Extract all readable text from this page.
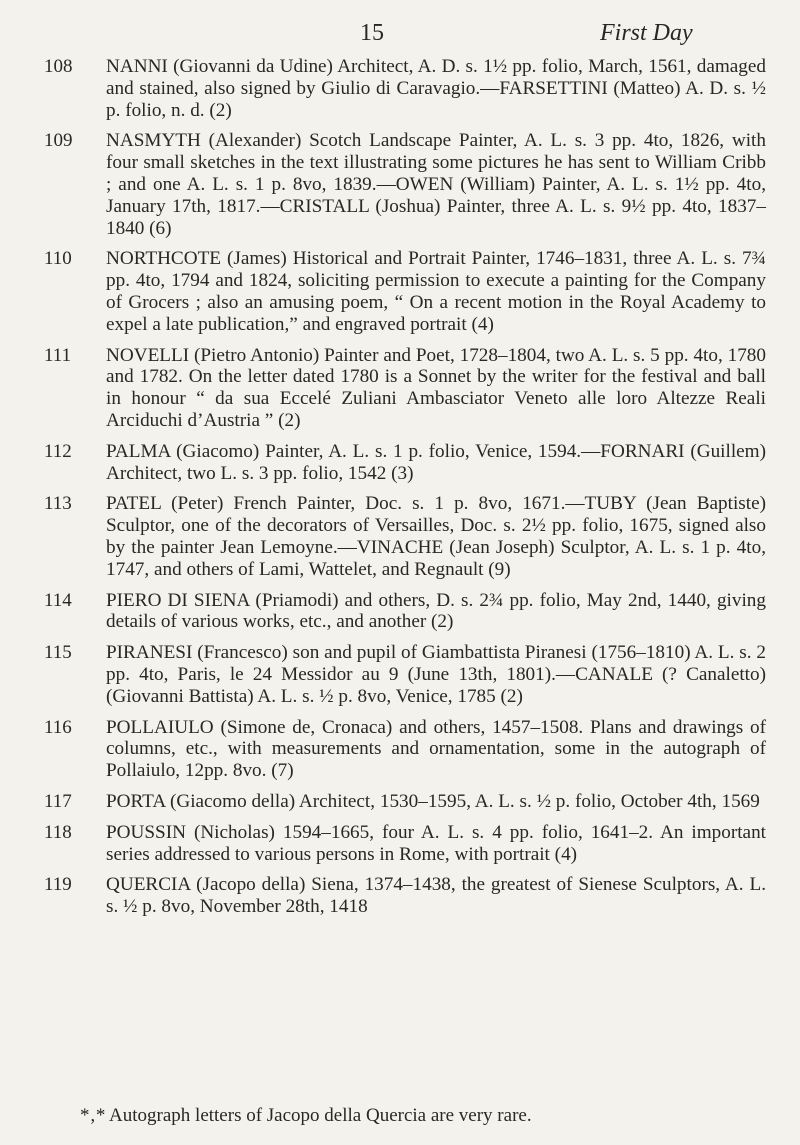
15	First Day
108	NANNI (Giovanni da Udine) Architect, A. D. s. 1½ pp. folio, March, 1561, damaged and stained, also signed by Giulio di Caravagio.—FARSETTINI (Matteo) A. D. s. ½ p. folio, n. d. (2)
109	NASMYTH (Alexander) Scotch Landscape Painter, A. L. s. 3 pp. 4to, 1826, with four small sketches in the text illustrating some pictures he has sent to William Cribb ; and one A. L. s. 1 p. 8vo, 1839.—OWEN (William) Painter, A. L. s. 1½ pp. 4to, January 17th, 1817.—CRISTALL (Joshua) Painter, three A. L. s. 9½ pp. 4to, 1837–1840 (6)
110	NORTHCOTE (James) Historical and Portrait Painter, 1746–1831, three A. L. s. 7¾ pp. 4to, 1794 and 1824, soliciting permission to execute a painting for the Company of Grocers ; also an amusing poem, “ On a recent motion in the Royal Academy to expel a late publication,” and engraved portrait (4)
111	NOVELLI (Pietro Antonio) Painter and Poet, 1728–1804, two A. L. s. 5 pp. 4to, 1780 and 1782. On the letter dated 1780 is a Sonnet by the writer for the festival and ball in honour “ da sua Eccelé Zuliani Ambasciator Veneto alle loro Altezze Reali Arciduchi d’Austria ” (2)
112	PALMA (Giacomo) Painter, A. L. s. 1 p. folio, Venice, 1594.—FORNARI (Guillem) Architect, two L. s. 3 pp. folio, 1542 (3)
113	PATEL (Peter) French Painter, Doc. s. 1 p. 8vo, 1671.—TUBY (Jean Baptiste) Sculptor, one of the decorators of Versailles, Doc. s. 2½ pp. folio, 1675, signed also by the painter Jean Lemoyne.—VINACHE (Jean Joseph) Sculptor, A. L. s. 1 p. 4to, 1747, and others of Lami, Wattelet, and Regnault (9)
114	PIERO DI SIENA (Priamodi) and others, D. s. 2¾ pp. folio, May 2nd, 1440, giving details of various works, etc., and another (2)
115	PIRANESI (Francesco) son and pupil of Giambattista Piranesi (1756–1810) A. L. s. 2 pp. 4to, Paris, le 24 Messidor au 9 (June 13th, 1801).—CANALE (? Canaletto) (Giovanni Battista) A. L. s. ½ p. 8vo, Venice, 1785 (2)
116	POLLAIULO (Simone de, Cronaca) and others, 1457–1508. Plans and drawings of columns, etc., with measurements and ornamentation, some in the autograph of Pollaiulo, 12pp. 8vo. (7)
117	PORTA (Giacomo della) Architect, 1530–1595, A. L. s. ½ p. folio, October 4th, 1569
118	POUSSIN (Nicholas) 1594–1665, four A. L. s. 4 pp. folio, 1641–2. An important series addressed to various persons in Rome, with portrait (4)
119	QUERCIA (Jacopo della) Siena, 1374–1438, the greatest of Sienese Sculptors, A. L. s. ½ p. 8vo, November 28th, 1418
*‚* Autograph letters of Jacopo della Quercia are very rare.
